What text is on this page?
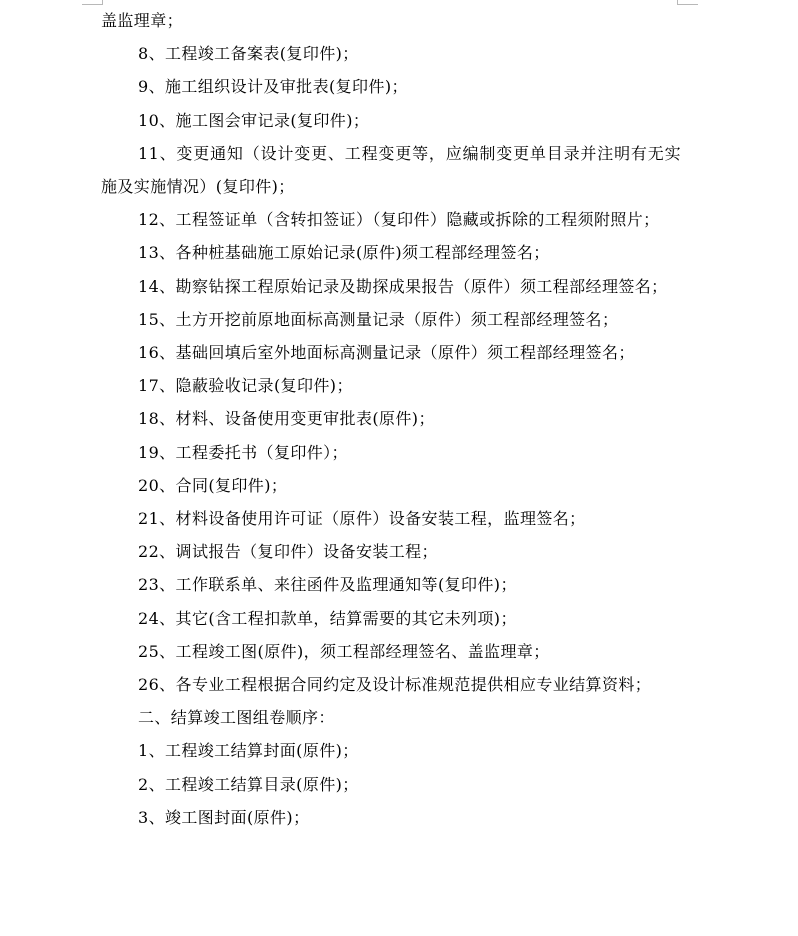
盖监理章；

8、工程竣工备案表(复印件)；

9、施工组织设计及审批表(复印件)；

10、施工图会审记录(复印件)；

11、变更通知（设计变更、工程变更等，应编制变更单目录并注明有无实施及实施情况）(复印件)；

12、工程签证单（含转扣签证）（复印件）隐藏或拆除的工程须附照片；

13、各种桩基础施工原始记录(原件)须工程部经理签名；

14、勘察钻探工程原始记录及勘探成果报告（原件）须工程部经理签名；

15、土方开挖前原地面标高测量记录（原件）须工程部经理签名；

16、基础回填后室外地面标高测量记录（原件）须工程部经理签名；

17、隐蔽验收记录(复印件)；

18、材料、设备使用变更审批表(原件)；

19、工程委托书（复印件）；

20、合同(复印件)；

21、材料设备使用许可证（原件）设备安装工程，监理签名；

22、调试报告（复印件）设备安装工程；

23、工作联系单、来往函件及监理通知等(复印件)；

24、其它(含工程扣款单，结算需要的其它未列项)；

25、工程竣工图(原件)，须工程部经理签名、盖监理章；

26、各专业工程根据合同约定及设计标准规范提供相应专业结算资料；

二、结算竣工图组卷顺序：

1、工程竣工结算封面(原件)；

2、工程竣工结算目录(原件)；

3、竣工图封面(原件)；
